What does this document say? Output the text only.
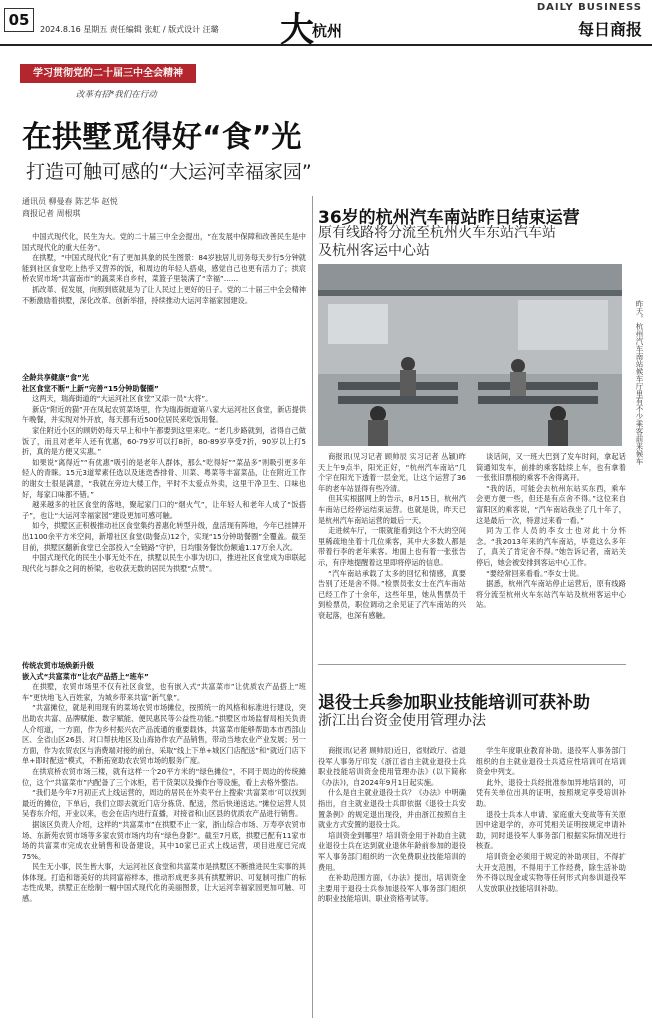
05
2024.8.16 星期五 责任编辑 张虹 / 版式设计 汪璐 大
杭州
DAILY BUSINESS
每日商报
学习贯彻党的二十届三中全会精神
改革有招*我们在行动
在拱墅觅得好“食”光
打造可触可感的“大运河幸福家园”
通讯员 柳曼春 陈艺华 赵悦
商报记者 周根琪

中国式现代化，民生为大。党的二十届三中全会提出，“在发展中保障和改善民生是中国式现代化的重大任务”。

在拱墅，“中国式现代化”有了更加具象的民生图景：84岁独居儿切务每天步行5分钟就能到社区食堂吃上热乎又营养的饭，和周边的年轻人搭桌，感觉自己也更有活力了；拱宸桥农贸市场“共富南市”的蔬菜来自乡村，菜篮子里装满了“幸福”……

抓改革、促发展，向照到底就是为了让人民过上更好的日子。党的二十届三中全会精神不断激励着拱墅，深化改革、创新举措，持续推动大运河幸福家园建设。

全龄共享健康“食”光

社区食堂不断“上新”完善“15分钟助餐圈”

这两天，瑞海街道的“大运河社区食堂”又添一员“大将”。

新店“附近的猫”开在凤起农贸菜场里，作为瑞海街道第八家大运河社区食堂，新店提供午晚餐，并实现对外开放，每天都有近500位居民来吃饭用餐。

家住附近小区的顾奶奶每天早上和中午都要到这里来吃。“老几步路就到，省得自己做饭了，而且对老年人还有优惠，60-79岁可以打8折，80-89岁享受7折，90岁以上打5折，真的是方便又实惠。”

如果说“离得近”“有优惠”吸引的是老年人群体，那么“吃得好”“菜品多”则吸引更多年轻人的青睐。15元3道荤素任选以及迷迭香排骨、川菜、粤菜等丰富菜品，让在附近工作的谢女士很是满意，“我就在旁边大楼工作，平时不太爱点外卖，这里干净卫生、口味也好，每家口味都不错。”

越来越多的社区食堂的落地，聚起家门口的“烟火气”，让年轻人和老年人成了“饭搭子”，也让“大运河幸福家园”建设更加可感可触。

如今，拱墅区正积极推动社区食堂集约普惠化转型升级，盘活现有阵地，今年已挂牌开出1100余平方米空间，新增社区食堂(助餐点)12个，实现“15分钟助餐圈”全覆盖。截至目前，拱墅区翻新食堂已全部投入“全链路”守护，日均服务餐饮份额逾1.17万余人次。

中国式现代化的民生小事无处不在，拱墅以民生小事为切口，推进社区食堂成为串联起现代化与群众之间的桥梁，也收获无数的居民为拱墅“点赞”。

传统农贸市场焕新升级

嵌入式“共富菜市”让农产品搭上“班车”

在拱墅，农贸市场里不仅有社区食堂，也有嵌入式“共富菜市”让优质农产品搭上“班车”更快地飞入百姓家，为城乡带来共富“新气象”。

“共富摊位，就是利用现有的菜场农贸市场摊位，按照统一的风格和标准进行建设，突出助农共富、品牌赋能、数字赋能、便民惠民等公益性功能。”拱墅区市场监督局相关负责人介绍道，一方面，作为乡村振兴农产品流通的重要载体，共富菜市能够帮助本市西部山区、全省山区26县、对口帮扶地区及山海协作农产品销售，带动当地农业产业发展；另一方面，作为农贸农区与消费端对接的前台，采取“线上下单+城区门店配送”和“就近门店下单+即时配送”模式，不断拓宽助农农贸市场的服务广度。

在拱宸桥农贸市场三楼，就有这样一个20平方米的“绿色摊位”，不同于周边的传统摊位，这个“共富菜市”内配备了三个冰柜，若干货架以及操作台等设施，看上去格外整洁。

“我们是今年7月初正式上线运营的，周边的居民在外卖平台上搜索‘共富菜市’可以找到最近的摊位，下单后，我们立即去就近门店分拣货、配送，然后快递送达。”摊位运营人员吴春东介绍，开业以来，也会在店内进行直播，对接省和山区县的优质农产品进行销售。

据该区负责人介绍，这样的“共富菜市”在拱墅不止一家，浙山综合市场、万寿亭农贸市场、东新苑农贸市场等多家农贸市场内均有“绿色身影”。截至7月底，拱墅已配有11家市场的共富菜市完成农业销售和设备建设，其中10家已正式上线运营，项目进度已完成75%。

民生无小事，民生皆大事，大运河社区食堂和共富菜市是拱墅区不断推进民生实事的具体体现。打造和谐美好的共同富裕样本，推动形成更多具有拱墅辨识、可复制可推广的标志性成果，拱墅正在绘制一幅中国式现代化的美丽图景，让大运河幸福家园更加可触、可感。

36岁的杭州汽车南站昨日结束运营
原有线路将分流至杭州火车东站汽车站
及杭州客运中心站
昨天，杭州汽车南站候车厅里有不少乘客前来候车

商报讯(见习记者 顾帅辰 实习记者 丛颖)昨天上午9点半，阳光正好，“杭州汽车南站”几个字在阳光下透着一层金光，让这个运营了36年的老车站显得有些冷清。

但其实根据网上的告示，8月15日，杭州汽车南站已经停运结束运营。也就是说，昨天已是杭州汽车南站运营的最后一天。

走进候车厅，一眼就能看到这个不大的空间里稀疏地坐着十几位乘客，其中大多数人都是带着行李的老年乘客。地面上也有着一张张告示，有序地提醒着这里即将停运的信息。

“汽车南站承载了太多的回忆和情感，真要告别了还是舍不得。”检票员张女士在汽车南站已经工作了十余年，这些年里，她从售票员干到检票员，职位调动之余见证了汽车南站的兴衰起落，也深有感触。

谈话间，又一班大巴到了发车时间，拿起话筒通知发车，前排的乘客陆续上车，也有拿着一张张旧票根的乘客不舍得离开。

“我的话，可能会去杭州东站买东西，乘车会更方便一些，但还是有点舍不得。”这位来自富阳区的乘客说，“汽车南站我坐了几十年了，这是最后一次，特意过来看一看。”

同为工作人员的李女士也对此十分怀念。“我2013年来的汽车南站，毕竟这么多年了，真关了肯定舍不得。”她告诉记者，南站关停后，她会被安排到客运中心工作。

“要经常回来看看。”李女士说。

据悉，杭州汽车南站停止运营后，原有线路将分流至杭州火车东站汽车站及杭州客运中心站。

退役士兵参加职业技能培训可获补助
浙江出台资金使用管理办法

商报讯(记者 顾帅辰)近日，省财政厅、省退役军人事务厅印发《浙江省自主就业退役士兵职业技能培训资金使用管理办法》(以下简称《办法》)，自2024年9月1日起实施。

什么是自主就业退役士兵？《办法》中明确指出，自主就业退役士兵即依据《退役士兵安置条例》的规定退出现役，并由浙江按照自主就业方式安置的退役士兵。

培训资金到哪里？培训资金用于补助自主就业退役士兵在达到就业退休年龄前参加的退役军人事务部门组织的一次免费职业技能培训的费用。

在补助范围方面，《办法》提出，培训资金主要用于退役士兵参加退役军人事务部门组织的职业技能培训、职业资格考试等。

学生年度职业教育补助。退役军人事务部门组织的自主就业退役士兵适应性培训可在培训资金中列支。

此外，退役士兵经批准参加异地培训的，可凭有关单位出具的证明，按照规定享受培训补助。

退役士兵本人申请、家庭重大变故等有关原因中途退学的，亦可凭相关证明按规定申请补助，同时退役军人事务部门根据实际情况进行核查。

培训资金必须用于规定的补助项目，不得扩大开支范围，不得用于工作经费，除生活补助外不得以现金或实物等任何形式向参训退役军人发放职业技能培训补助。
